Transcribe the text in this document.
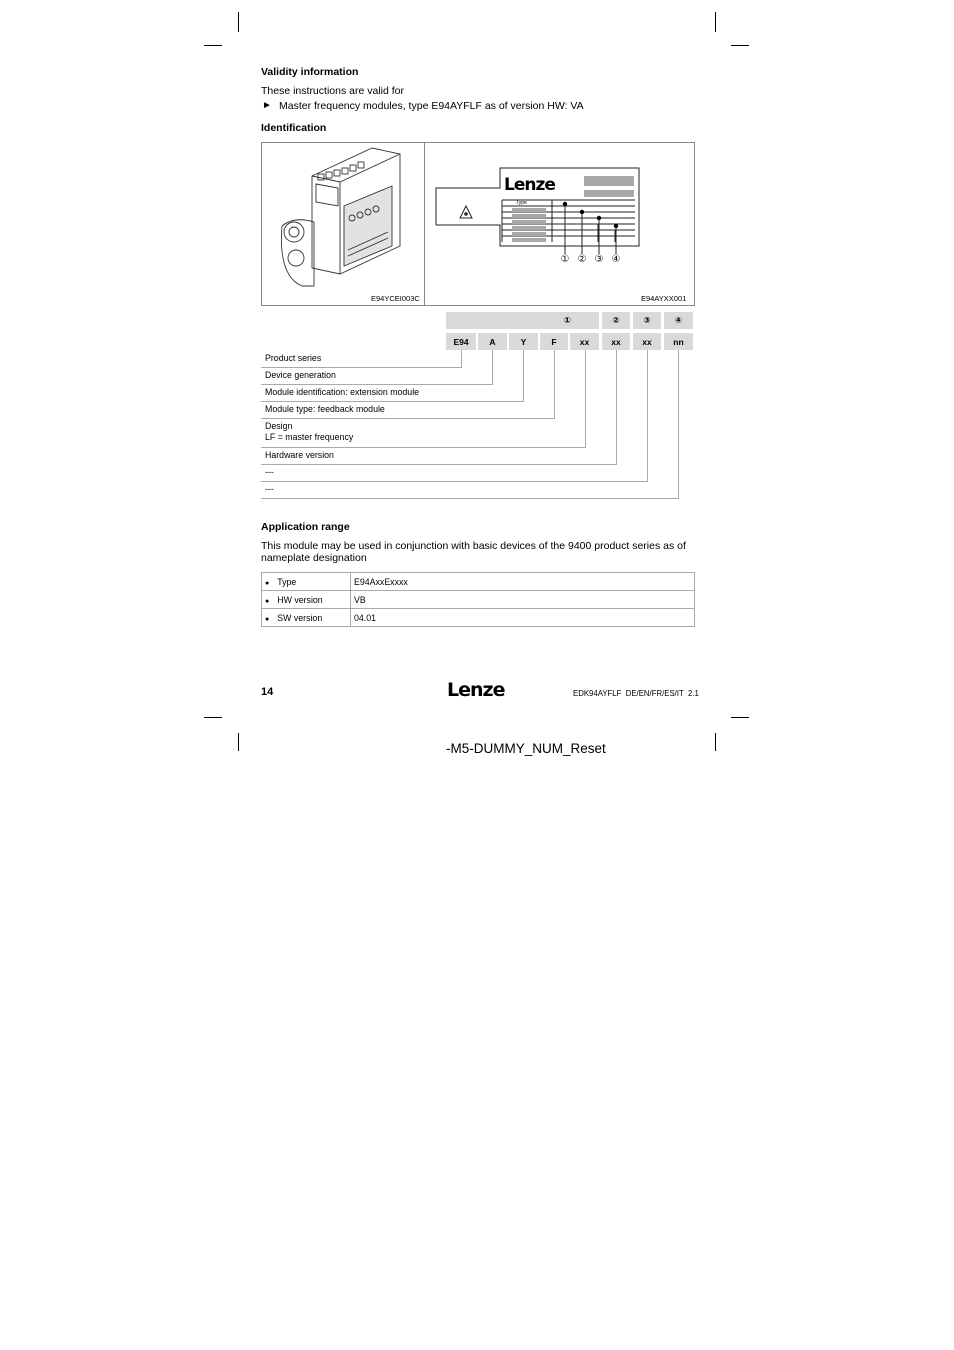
Validity information
These instructions are valid for
► Master frequency modules, type E94AYFLF as of version HW: VA
Identification
E94YCEI003C
Lenze
Type
① ② ③ ④
E94AYXX001
①	②	③	④
E94	A	Y	F	xx	xx	xx	nn
Product series
Device generation
Module identification: extension module
Module type: feedback module
Design
LF = master frequency
Hardware version
---
---
Application range
This module may be used in conjunction with basic devices of the 9400 product series as of nameplate designation
● Type	E94AxxExxxx
● HW version	VB
● SW version	04.01
14	Lenze	EDK94AYFLF  DE/EN/FR/ES/IT  2.1
-M5-DUMMY_NUM_Reset
